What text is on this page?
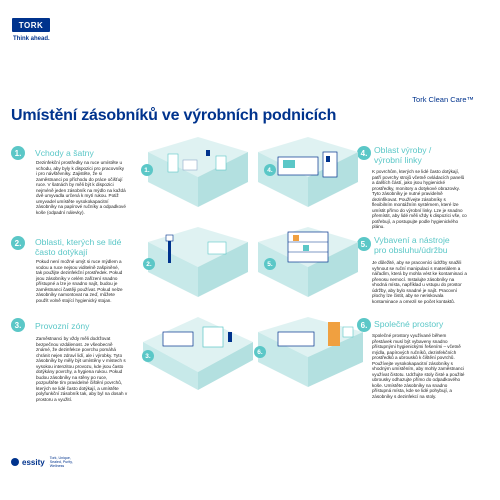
TORK
Think ahead.
Tork Clean Care™
Umístění zásobníků ve výrobních podnicích
1.	Vchody a šatny
Dezinfekční prostředky na ruce umístěte u vchodu, aby byly k dispozici pro pracovníky i pro návštěvníky. Zajistěte, že si zaměstnanci po příchodu do práce očišťují ruce. V šatnách by měli být k dispozici nejméně jeden zásobník na mýdlo na každá dvě umyvadla určená k mytí rukou. Potiž umyvadel umístěte vysokokapacitní zásobníky na papírové ručníky a odpadkové koše (odpadní nálevky).
2.	Oblasti, kterých se lidé
často dotýkají
Pokud není možné umýt si ruce mýdlem a vodou a ruce nejsou viditelně zašpiněné, tak použijte dezinfekční prostředek. Pokud jsou zásobníky v celém zařízení snadno přístupné a lze je snadno najít, budou je zaměstnanci častěji používat. Pokud nelze zásobníky namontovat na zeď, můžete použít volně stojící hygienický stojan.
3.	Provozní zóny
Zaměstnanci by vždy měli dodržovat bezpečnou vzdálenost. Je všeobecně známé, že dezinfekce povrchu pomáhá chránit nejen zdraví lidí, ale i výrobky. Tyto zásobníky by měly být umístěny v místech s vysokou intenzitou provozu, kde jsou často dotýkány povrchy, a hygiena rukou. Pokud budou zásobníky na stěny po ruce, pozpuštěte tím pravidelné čištění povrchů, kterých se lidé často dotýkají, a umístěte polyfunkční zásobník tak, aby byl na dosah v prostoru a využití.
4. Oblast výroby /
výrobní linky
K povrchům, kterých se lidé často dotýkají, patří povrchy strojů včetně ovládacích panelů a dalších částí, jako jsou hygienické prostředky, monitory a dotykové obrazovky. Tyto zásobníky je nutné pravidelně dezinfikovat. Používejte zásobníky s flexibilním montážním systémem, které lze umístit přímo do výrobní linky. Lze je snadno přemístit, aby lidé měli vždy k dispozici vše, co potřebují, a postupujte podle hygienického plánu.
5. Vybavení a nástroje
pro obsluhu/údržbu
Je důležité, aby se pracovníci údržby snažili vyhnout se ruční manipulaci s materiálem a nářadím, která by mohla vést ke kontaminaci a přenosu nemocí. Instalujte zásobníky na vhodná místa, například u vstupu do prostor údržby, aby bylo snadné je najít. Pracovní plochy lze čistit, aby se neriskovala kontaminace a omezil se počet kontaktů.
6. Společné prostory
Společné prostory využívané během přestávek musí být vybaveny snadno přístupnými hygienickými řešeními – včetně mýdla, papírových ručníků, dezinfekčních prostředků a ubrousků k čištění povrchů. Používejte vysokokapacitní zásobníky s vhodným umístěním, aby mohly zaměstnanci využívat čistotu. Udržujte stoly čisté a použité ubrousky odhazujte přímo do odpadkového koše. Umístěte zásobníky na snadno přístupná místa, kde se lidé pohybují, a zásobníky s dezinfekcí na stoly.
1.	4.
2.	5.
3.
6.
essity Tork, Unique, Sealed, Purity, Wellness
